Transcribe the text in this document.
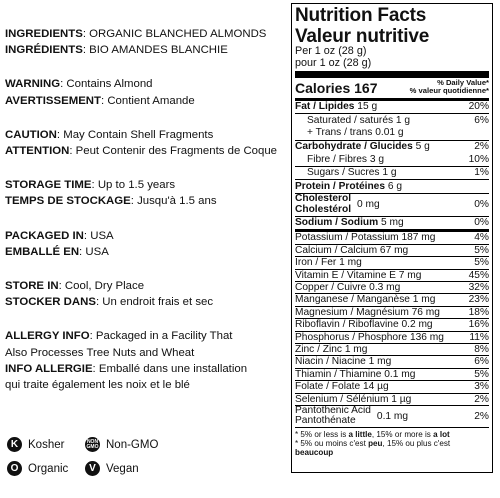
INGREDIENTS: ORGANIC BLANCHED ALMONDS
INGRÉDIENTS: BIO AMANDES BLANCHIE
WARNING: Contains Almond
AVERTISSEMENT: Contient Amande
CAUTION: May Contain Shell Fragments
ATTENTION: Peut Contenir des Fragments de Coque
STORAGE TIME: Up to 1.5 years
TEMPS DE STOCKAGE: Jusqu'à 1.5 ans
PACKAGED IN: USA
EMBALLÉ EN: USA
STORE IN: Cool, Dry Place
STOCKER DANS: Un endroit frais et sec
ALLERGY INFO: Packaged in a Facility That
Also Processes Tree Nuts and Wheat
INFO ALLERGIE: Emballé dans une installation
qui traite également les noix et le blé
K Kosher	NON GMO Non-GMO
O Organic	V Vegan
Nutrition Facts
Valeur nutritive
Per 1 oz (28 g)
pour 1 oz (28 g)
Calories 167	% Daily Value*
% valeur quotidienne*
Fat / Lipides 15 g	20%
Saturated / saturés 1 g	6%
+ Trans / trans 0.01 g
Carbohydrate / Glucides 5 g	2%
Fibre / Fibres 3 g	10%
Sugars / Sucres 1 g	1%
Protein / Protéines 6 g
Cholesterol
Cholestérol 0 mg	0%
Sodium / Sodium 5 mg	0%
Potassium / Potassium 187 mg	4%
Calcium / Calcium 67 mg	5%
Iron / Fer 1 mg	5%
Vitamin E / Vitamine E 7 mg	45%
Copper / Cuivre 0.3 mg	32%
Manganese / Manganèse 1 mg	23%
Magnesium / Magnésium 76 mg	18%
Riboflavin / Riboflavine 0.2 mg	16%
Phosphorus / Phosphore 136 mg 11%
Zinc / Zinc 1 mg	8%
Niacin / Niacine 1 mg	6%
Thiamin / Thiamine 0.1 mg	5%
Folate / Folate 14 µg	3%
Selenium / Sélénium 1 µg	2%
Pantothenic Acid
Pantothénate	0.1 mg	2%
* 5% or less is a little, 15% or more is a lot
* 5% ou moins c'est peu, 15% ou plus c'est beaucoup
